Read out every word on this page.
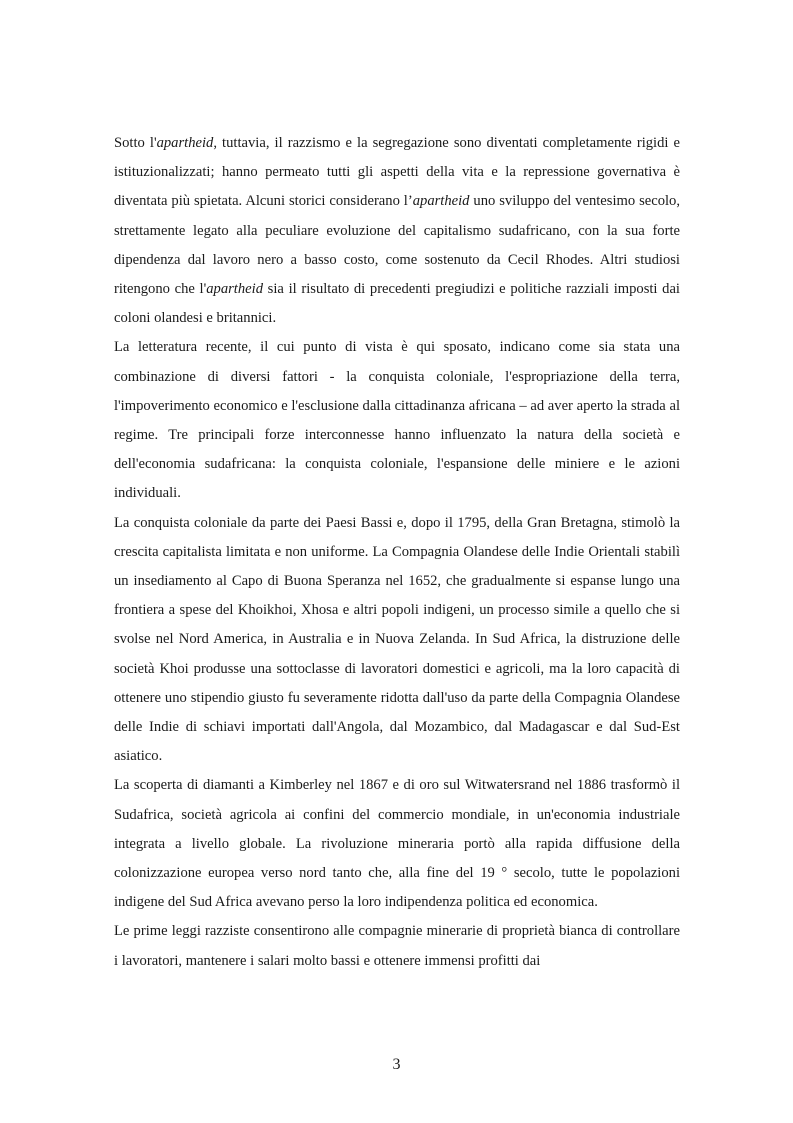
Sotto l'apartheid, tuttavia, il razzismo e la segregazione sono diventati completamente rigidi e istituzionalizzati; hanno permeato tutti gli aspetti della vita e la repressione governativa è diventata più spietata. Alcuni storici considerano l’apartheid uno sviluppo del ventesimo secolo, strettamente legato alla peculiare evoluzione del capitalismo sudafricano, con la sua forte dipendenza dal lavoro nero a basso costo, come sostenuto da Cecil Rhodes. Altri studiosi ritengono che l'apartheid sia il risultato di precedenti pregiudizi e politiche razziali imposti dai coloni olandesi e britannici.

La letteratura recente, il cui punto di vista è qui sposato, indicano come sia stata una combinazione di diversi fattori - la conquista coloniale, l'espropriazione della terra, l'impoverimento economico e l'esclusione dalla cittadinanza africana – ad aver aperto la strada al regime. Tre principali forze interconnesse hanno influenzato la natura della società e dell'economia sudafricana: la conquista coloniale, l'espansione delle miniere e le azioni individuali.

La conquista coloniale da parte dei Paesi Bassi e, dopo il 1795, della Gran Bretagna, stimolò la crescita capitalista limitata e non uniforme. La Compagnia Olandese delle Indie Orientali stabilì un insediamento al Capo di Buona Speranza nel 1652, che gradualmente si espanse lungo una frontiera a spese del Khoikhoi, Xhosa e altri popoli indigeni, un processo simile a quello che si svolse nel Nord America, in Australia e in Nuova Zelanda. In Sud Africa, la distruzione delle società Khoi produsse una sottoclasse di lavoratori domestici e agricoli, ma la loro capacità di ottenere uno stipendio giusto fu severamente ridotta dall'uso da parte della Compagnia Olandese delle Indie di schiavi importati dall'Angola, dal Mozambico, dal Madagascar e dal Sud-Est asiatico.

La scoperta di diamanti a Kimberley nel 1867 e di oro sul Witwatersrand nel 1886 trasformò il Sudafrica, società agricola ai confini del commercio mondiale, in un'economia industriale integrata a livello globale. La rivoluzione mineraria portò alla rapida diffusione della colonizzazione europea verso nord tanto che, alla fine del 19 ° secolo, tutte le popolazioni indigene del Sud Africa avevano perso la loro indipendenza politica ed economica.

Le prime leggi razziste consentirono alle compagnie minerarie di proprietà bianca di controllare i lavoratori, mantenere i salari molto bassi e ottenere immensi profitti dai

3
